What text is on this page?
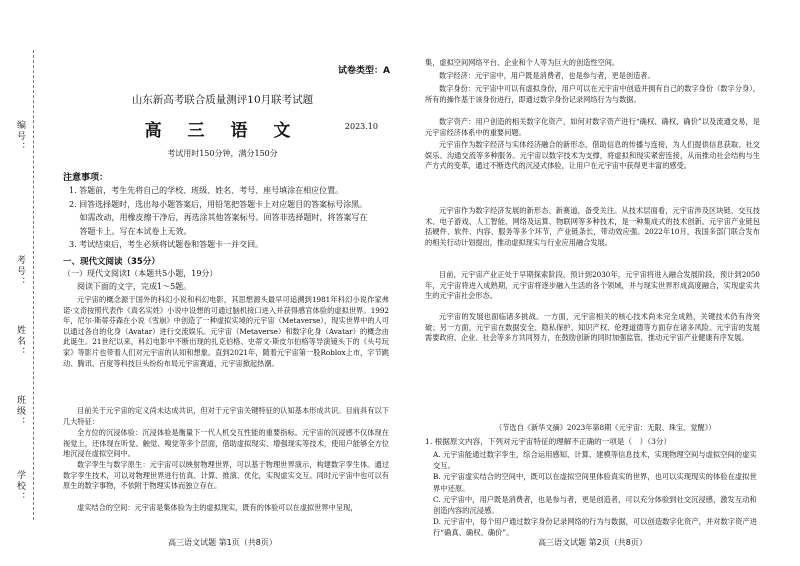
编号：
考号：
姓名：
班级：
学校：
试卷类型：A
山东新高考联合质量测评10月联考试题
高 三 语 文	2023.10
考试用时150分钟，满分150分
注意事项：
1. 答题前，考生先将自己的学校、班级、姓名、考号、座号填涂在相应位置。
2. 回答选择题时，选出每小题答案后，用铅笔把答题卡上对应题目的答案标号涂黑。
　 如需改动，用橡皮擦干净后，再选涂其他答案标号。回答非选择题时，将答案写在
　 答题卡上。写在本试卷上无效。
3. 考试结束后，考生必须将试题卷和答题卡一并交回。
一、现代文阅读（35分）
（一）现代文阅读Ⅰ（本题共5小题，19分）
阅读下面的文字，完成1～5题。

元宇宙的概念源于国外的科幻小说和科幻电影，其思想源头最早可追溯到1981年科幻小说作家弗诺·文奇按照代表作《真名实姓》小说中设想的可通过脑机接口进入并获得感官体验的虚拟世界。1992年，尼尔·斯蒂芬森在小说《雪崩》中创造了一种虚拟实境的元宇宙（Metaverse），现实世界中的人可以通过各自的化身（Avatar）进行交流娱乐。元宇宙（Metaverse）和数字化身（Avatar）的概念由此诞生。21世纪以来，科幻电影中不断出现的扎克伯格、史蒂文·斯皮尔伯格等导演镜头下的《头号玩家》等影片也带着人们对元宇宙的认知和想象。直到2021年，随着元宇宙第一股Roblox上市，字节跳动、腾讯、百度等科技巨头纷纷布局元宇宙赛道，元宇宙掀起热潮。

目前关于元宇宙的定义尚未达成共识，但对于元宇宙关键特征的认知基本形成共识。目前具有以下几大特征：

全方位的沉浸体验：沉浸体验是衡量下一代人机交互性能的重要指标。元宇宙的沉浸感不仅体现在视觉上，还体现在听觉、触觉、嗅觉等多个层面，借助虚拟现实、增强现实等技术，使用户能够全方位地沉浸在虚拟空间中。

数字孪生与数字原生：元宇宙可以映射物理世界，可以基于物理世界演示，构建数字孪生体。通过数字孪生技术，可以对物理世界进行仿真、计算、推演、优化，实现虚实交互。同时元宇宙中也可以有原生的数字事物，不依附于物理实体而独立存在。

虚实结合的空间：元宇宙是集体验为主的虚拟现实，既有的体验可以在虚拟世界中呈现，

高三语文试题 第1页（共8页）

集，虚拟空间网络平台、企业和个人等为巨大的创造性空间。

数字经济：元宇宙中，用户既是消费者，也是参与者，更是创造者。

数字身份：元宇宙中可以有虚拟身份，用户可以在元宇宙中创造并拥有自己的数字身份（数字分身），所有的操作基于该身份进行，即通过数字身份记录网络行为与数据。

数字资产：用户创造的相关数字化资产，如何对数字资产进行“确权、确权、确价”以及流通交易，是元宇宙经济体系中的重要问题。

元宇宙作为数字经济与实体经济融合的新形态，借助信息的传播与连接，为人们提供信息获取、社交娱乐、沟通交流等多种服务。元宇宙以数字技术为支撑，将虚拟和现实紧密连接，从而推动社会结构与生产方式的变革，通过不断迭代的沉浸式体验，让用户在元宇宙中获得更丰富的感受。

元宇宙作为数字经济发展的新形态、新赛道，备受关注。从技术层面看，元宇宙涉及区块链、交互技术、电子游戏、人工智能、网络及运算、物联网等多种技术，是一种集成式的技术创新。元宇宙产业链包括硬件、软件、内容、服务等多个环节，产业链条长，带动效应强。2022年10月，我国多部门联合发布的相关行动计划提出，推动虚拟现实与行业应用融合发展。

目前，元宇宙产业正处于早期探索阶段，预计到2030年，元宇宙将进入融合发展阶段，预计到2050年，元宇宙将进入成熟期，元宇宙将逐步融入生活的各个领域，并与现实世界形成高度融合，实现虚实共生的元宇宙社会形态。

元宇宙的发展也面临诸多挑战。一方面，元宇宙相关的核心技术尚未完全成熟，关键技术仍有待突破；另一方面，元宇宙在数据安全、隐私保护、知识产权、伦理道德等方面存在诸多风险。元宇宙的发展需要政府、企业、社会等多方共同努力，在鼓励创新的同时加强监管，推动元宇宙产业健康有序发展。

（节选自《新华文摘》2023年第8期《元宇宙：无限、珠宝、觉醒》）
1. 根据原文内容，下列对元宇宙特征的理解不正确的一项是（　）（3分）
A. 元宇宙能通过数字孪生，综合运用感知、计算、建模等信息技术，实现物理空间与虚拟空间的虚实交互。
B. 元宇宙虚实结合的空间中，既可以在虚拟空间里体验真实的世界，也可以实现现实的体验在虚拟世界中还原。
C. 元宇宙中，用户既是消费者，也是参与者，更是创造者，可以充分体验到社交沉浸感，激发互动和创造内容的沉浸感。
D. 元宇宙中，每个用户通过数字身份记录网络的行为与数据，可以创造数字化资产，并对数字资产进行“确真、确权、确价”。
高三语文试题 第2页（共8页）
